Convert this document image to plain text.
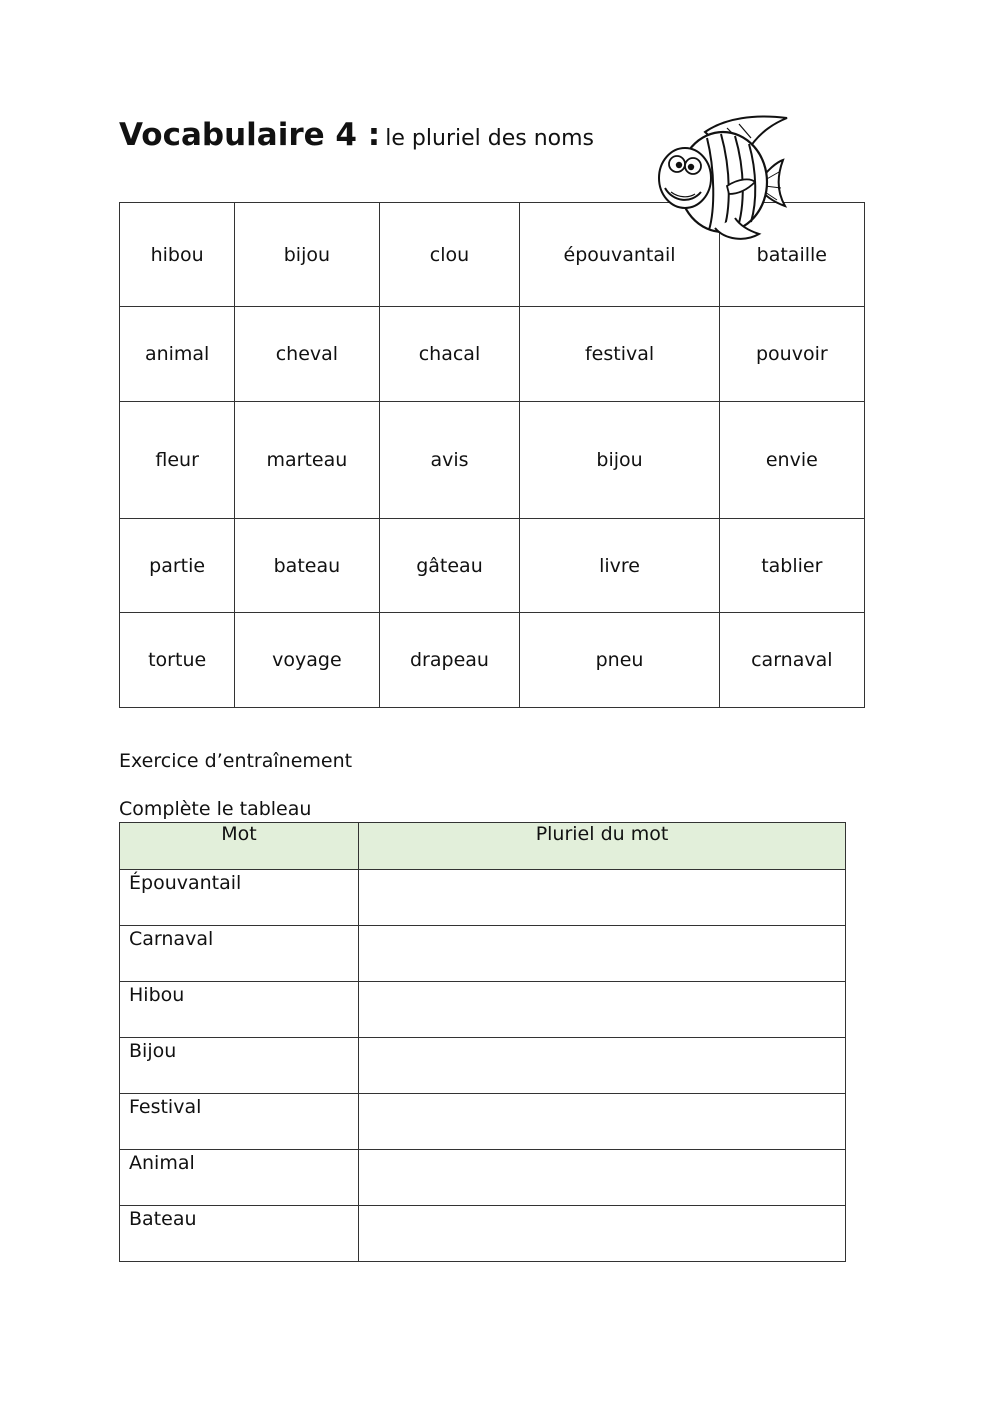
Vocabulaire 4 : le pluriel des noms
hibou	bijou	clou	épouvantail	bataille
animal	cheval	chacal	festival	pouvoir
fleur	marteau	avis	bijou	envie
partie	bateau	gâteau	livre	tablier
tortue	voyage	drapeau	pneu	carnaval
Exercice d’entraînement
Complète le tableau
Mot	Pluriel du mot
Épouvantail	
Carnaval	
Hibou	
Bijou	
Festival	
Animal	
Bateau	
